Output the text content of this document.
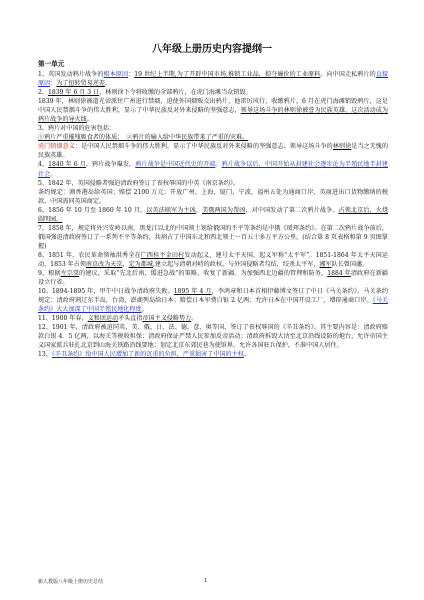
八年级上册历史内容提纲一
第一单元

1、英国发动鸦片战争的根本原因：19 世纪上半期,为了开辟中国市场,推销工业品，掠夺廉价的工业原料。向中国走私鸦片的直接原因：为了扭转贸易逆差。

2、1839 年 6 月 3 日，林则徐下令将收缴的全部鸦片，在虎门海滩当众销毁。

1839 年，林则徐被道光帝派往广州进行禁烟，迫使外国烟贩交出鸦片，他雷厉风行，收缴鸦片。6 月在虎门海滩销毁鸦片，这是中国人民禁烟斗争的伟大胜利，显示了中华民族反对外来侵略的坚强意志，领导这场斗争的林则徐被誉为民族英雄，这次活动成为鸦片战争的导火线。

3、鸦片对中国的危害包括：

①鸦片严重摧残吸食者的体质；　②鸦片的输入给中华民族带来了严重的灾难。

虎门销烟意义：是中国人民禁烟斗争的伟大胜利，显示了中华民族反对外来侵略的坚强意志。领导这场斗争的林则徐是当之无愧的民族英雄。

4、1840 年 6 月，鸦片战争爆发，鸦片战争是中国近代史的开端。鸦片战争以后，中国开始从封建社会逐步沦为半殖民地半封建社会。

5、1842 年，英国侵略者强迫清政府签订了丧权辱国的中英《南京条约》。

条约规定：割香港岛给英国；赔偿 2100 万元；开放广州，上海，厦门，宁波，福州五处为通商口岸，英商进出口货物缴纳的税款，中国需同英国商定。

6、1856 年 10 月至 1860 年 10 月，以英法联军为主凶，美俄两国为帮凶，对中国发动了第二次鸦片战争。占领北京后，火烧圆明园。

7、1858 年，规定将外兴安岭以南，黑龙江以北的中国领土划给俄国的不平等条约是中俄《瑷珲条约》。在第二次鸦片战争前后，俄国强迫清政府签订了一系列不平等条约，共割占了中国东北和西北领土一百五十多万平方公里。(结合第 8 页表格和第 9 页图掌握)

8、1851 年，农民革命领袖洪秀全在广西桂平金田村发动起义，建号太平天国，起义军称“太平军”。1851-1864 年太平天国运动，1853 年占领南京改为天京，定为都城,建立起与清朝对峙的政权。与外国侵略者勾结，绞杀太平军，湘军队长曾国藩。

9、根据左宗棠的建议，采取“先北后南，缓进急战”的策略，收复了新疆。为加强西北边疆的管理和防务，1884 年清政府在新疆设立行省。

10、1894-1895 年，甲午中日战争清政府失败。1895 年 4 月，李鸿章和日本首相伊藤博文签订了中日《马关条约》。马关条约规定：清政府割辽东半岛，台湾，澎湖列岛给日本；赔偿日本军费白银 2 亿两；允许日本在中国开设工厂，增辟通商口岸。《马关条约》大大加深了中国半殖民地化程度。

11、1900 年春，义和团运动矛头直指帝国主义侵略势力。

12、1901 年，清政府被迫同英、美、俄、日、法、德、意、奥等国，签订了丧权辱国的《辛丑条约》。其主要内容是：清政府赔款白银 4．5 亿两，以海关等税收担保；清政府保证严禁人民参加反帝活动；清政府拆毁大沽至北京沿线设防的炮台，允许帝国主义国家派兵驻扎北京到山海关铁路沿线要地；划定北京东郊民巷为使馆界，允许各国驻兵保护，不准中国人居住。

13、《辛丑条约》给中国人民增加了新的沉重的负担，严重损害了中国的主权。

新人教版八年级上册历史总结	1
